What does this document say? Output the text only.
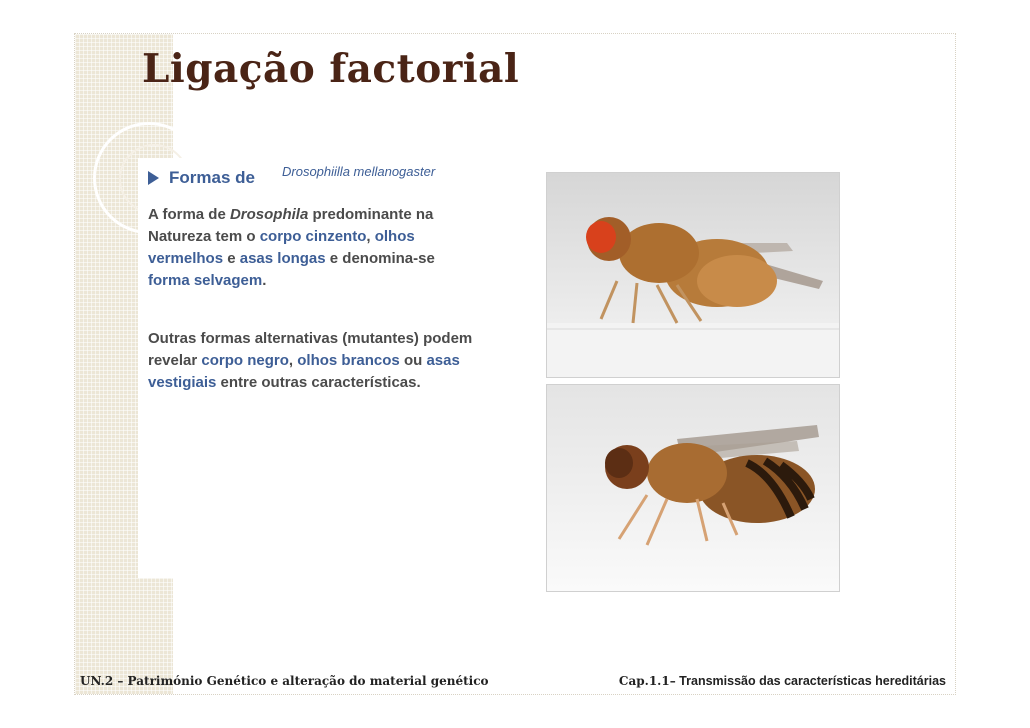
Ligação factorial
Formas de Drosophiilla mellanogaster

A forma de Drosophila predominante na Natureza tem o corpo cinzento, olhos vermelhos e asas longas e denomina-se forma selvagem.

Outras formas alternativas (mutantes) podem revelar corpo negro, olhos brancos ou asas vestigiais entre outras características.

UN.2 – Património Genético e alteração do material genético	Cap.1.1– Transmissão das características hereditárias
